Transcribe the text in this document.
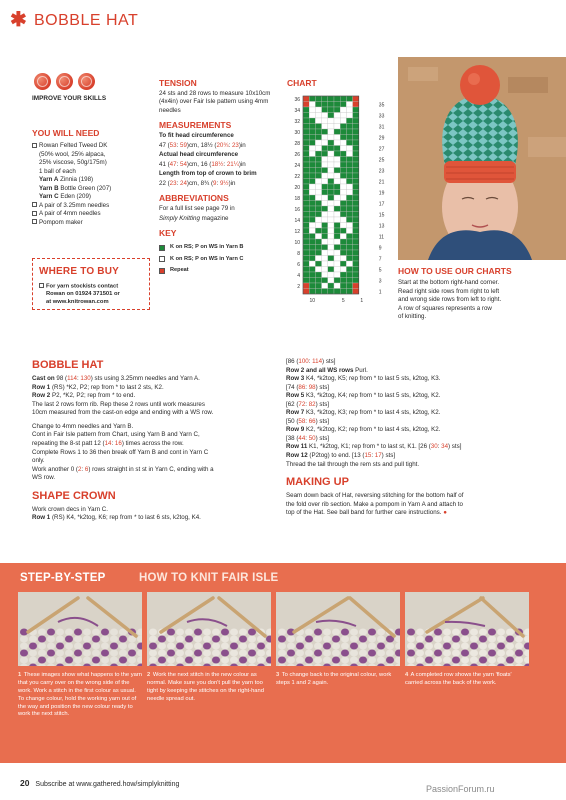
✱ BOBBLE HAT
IMPROVE YOUR SKILLS
YOU WILL NEED
Rowan Felted Tweed DK
(50% wool, 25% alpaca,
25% viscose, 50g/175m)
1 ball of each
Yarn A Zinnia (198)
Yarn B Bottle Green (207)
Yarn C Eden (209)
A pair of 3.25mm needles
A pair of 4mm needles
Pompom maker
WHERE TO BUY
For yarn stockists contact
Rowan on 01924 371501 or
at www.knitrowan.com
TENSION

24 sts and 28 rows to measure 10x10cm (4x4in) over Fair Isle pattern using 4mm needles

MEASUREMENTS

To fit head circumference

47 (53: 59)cm, 18½ (20¾: 23)in

Actual head circumference

41 (47: 54)cm, 16 (18½: 21¼)in

Length from top of crown to brim

22 (23: 24)cm, 8¾ (9: 9½)in

ABBREVIATIONS

For a full list see page 79 in

Simply Knitting magazine

KEY
K on RS; P on WS in Yarn B
K on RS; P on WS in Yarn C
Repeat
CHART
36
34
32
30
28
26
24
22
20
18
16
14
12
10
8
6
4
2
35
33
31
29
27
25
23
21
19
17
15
13
11
9
7
5
3
1
10	5	1
HOW TO USE OUR CHARTS

Start at the bottom right-hand corner.

Read right side rows from right to left

and wrong side rows from left to right.

A row of squares represents a row

of knitting.

BOBBLE HAT

Cast on 98 (114: 130) sts using 3.25mm needles and Yarn A.

Row 1 (RS) *K2, P2; rep from * to last 2 sts, K2.

Row 2 P2, *K2, P2; rep from * to end.

The last 2 rows form rib. Rep these 2 rows until work measures

10cm measured from the cast-on edge and ending with a WS row.

Change to 4mm needles and Yarn B.

Cont in Fair Isle pattern from Chart, using Yarn B and Yarn C,

repeating the 8-st patt 12 (14: 16) times across the row.

Complete Rows 1 to 36 then break off Yarn B and cont in Yarn C

only.

Work another 0 (2: 6) rows straight in st st in Yarn C, ending with a

WS row.

SHAPE CROWN

Work crown decs in Yarn C.

Row 1 (RS) K4, *k2tog, K6; rep from * to last 6 sts, k2tog, K4.

[86 (100: 114) sts]

Row 2 and all WS rows Purl.

Row 3 K4, *k2tog, K5; rep from * to last 5 sts, k2tog, K3.

[74 (86: 98) sts]

Row 5 K3, *k2tog, K4; rep from * to last 5 sts, k2tog, K2.

[62 (72: 82) sts]

Row 7 K3, *k2tog, K3; rep from * to last 4 sts, k2tog, K2.

[50 (58: 66) sts]

Row 9 K2, *k2tog, K2; rep from * to last 4 sts, k2tog, K2.

[38 (44: 50) sts]

Row 11 K1, *k2tog, K1; rep from * to last st, K1. [26 (30: 34) sts]

Row 12 (P2tog) to end. [13 (15: 17) sts]

Thread the tail through the rem sts and pull tight.

MAKING UP

Seam down back of Hat, reversing stitching for the bottom half of

the fold over rib section. Make a pompom in Yarn A and attach to

top of the Hat. See ball band for further care instructions. ●

STEP-BY-STEP	HOW TO KNIT FAIR ISLE
1 These images show what happens to the yarn that you carry over on the wrong side of the work. Work a stitch in the first colour as usual. To change colour, hold the working yarn out of the way and position the new colour ready to work the next stitch.
2 Work the next stitch in the new colour as normal. Make sure you don't pull the yarn too tight by keeping the stitches on the right-hand needle spread out.
3 To change back to the original colour, work steps 1 and 2 again.
4 A completed row shows the yarn 'floats' carried across the back of the work.
20 Subscribe at www.gathered.how/simplyknitting	PassionForum.ru
